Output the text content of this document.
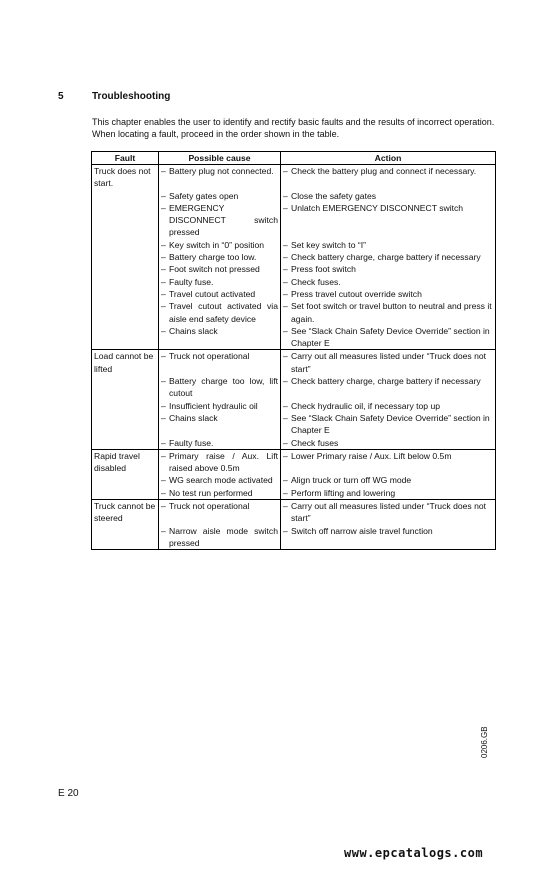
5	Troubleshooting
This chapter enables the user to identify and rectify basic faults and the results of incorrect operation. When locating a fault, proceed in the order shown in the table.
Fault	Possible cause	Action

Truck does not start.	– Battery plug not connected.	– Check the battery plug and connect if necessary.

	– Safety gates open	– Close the safety gates

	– EMERGENCY DISCONNECT switch pressed	– Unlatch EMERGENCY DISCONNECT switch

	– Key switch in “0” position	– Set key switch to “I”

	– Battery charge too low.	– Check battery charge, charge battery if necessary

	– Foot switch not pressed	– Press foot switch

	– Faulty fuse.	– Check fuses.

	– Travel cutout activated	– Press travel cutout override switch

	– Travel cutout activated via aisle end safety device	– Set foot switch or travel button to neutral and press it again.

	– Chains slack	– See “Slack Chain Safety Device Override” section in Chapter E

Load cannot be lifted	– Truck not operational	– Carry out all measures listed under “Truck does not start”

	– Battery charge too low, lift cutout	– Check battery charge, charge battery if necessary

	– Insufficient hydraulic oil	– Check hydraulic oil, if necessary top up

	– Chains slack	– See “Slack Chain Safety Device Override” section in Chapter E

	– Faulty fuse.	– Check fuses

Rapid travel disabled	– Primary raise / Aux. Lift raised above 0.5m	– Lower Primary raise / Aux. Lift below 0.5m

	– WG search mode activated	– Align truck or turn off WG mode

	– No test run performed	– Perform lifting and lowering

Truck cannot be steered	– Truck not operational	– Carry out all measures listed under “Truck does not start”

	– Narrow aisle mode switch pressed	– Switch off narrow aisle travel function
0206.GB
E 20
www.epcatalogs.com
